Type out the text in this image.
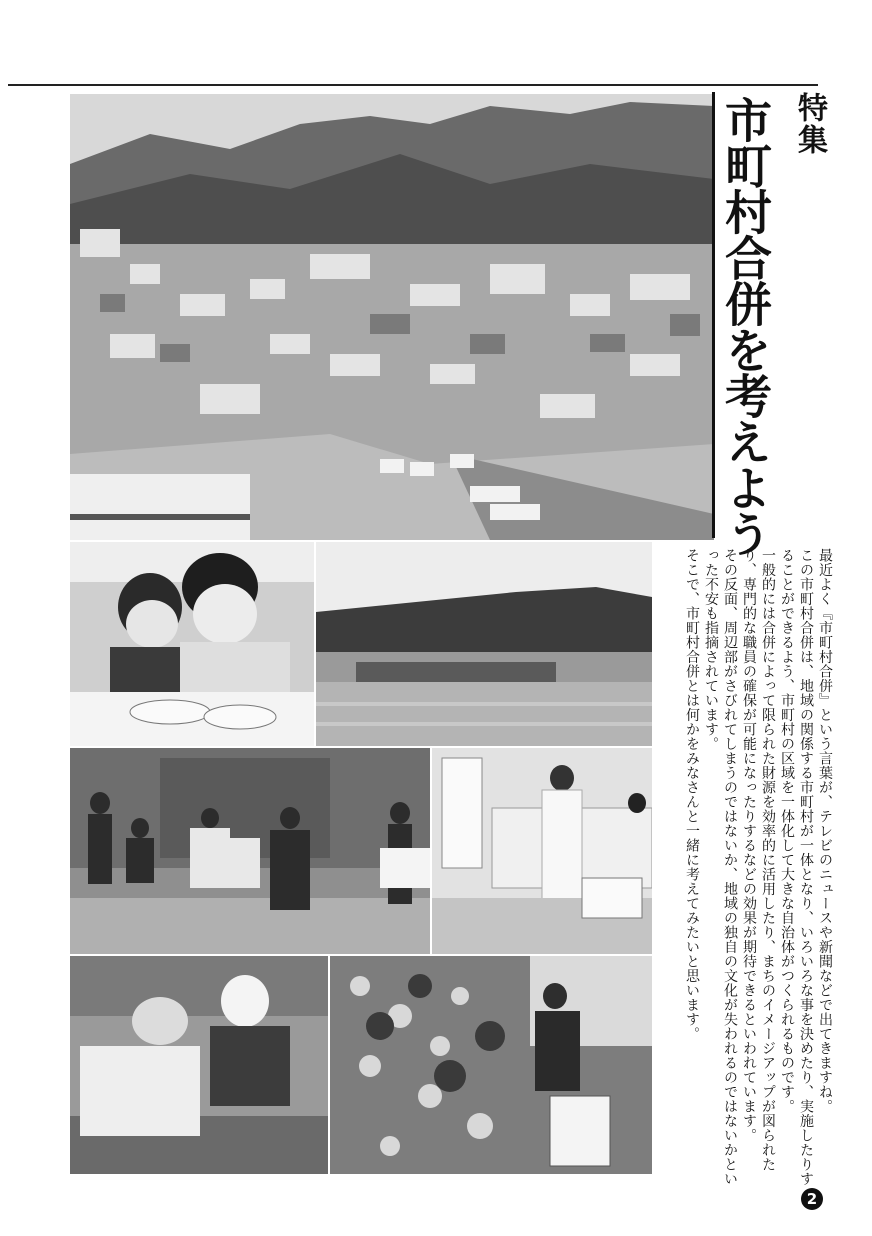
特集
市町村合併を考えよう

最近よく『市町村合併』という言葉が、テレビのニュースや新聞などで出てきますね。

この市町村合併は、地域の関係する市町村が一体となり、いろいろな事を決めたり、実施したりすることができるよう、市町村の区域を一体化して大きな自治体がつくられるものです。

一般的には合併によって限られた財源を効率的に活用したり、まちのイメージアップが図られたり、専門的な職員の確保が可能になったりするなどの効果が期待できるといわれています。

その反面、周辺部がさびれてしまうのではないか、地域の独自の文化が失われるのではないかといった不安も指摘されています。

そこで、市町村合併とは何かをみなさんと一緒に考えてみたいと思います。

2
